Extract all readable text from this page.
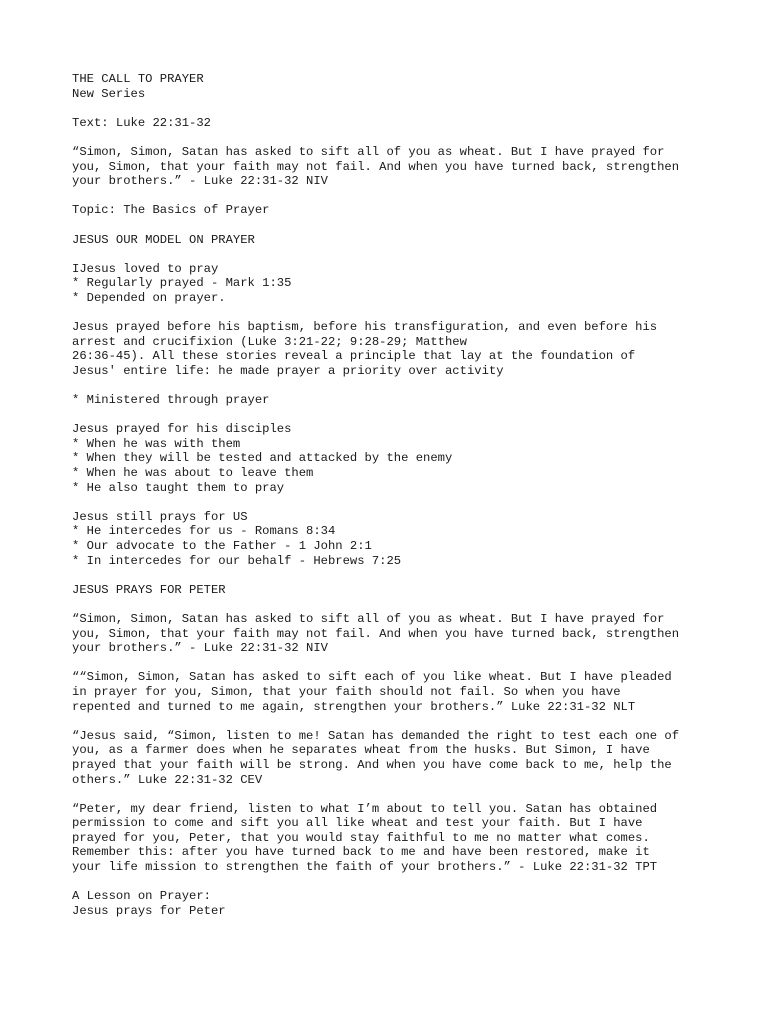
THE CALL TO PRAYER
New Series
Text: Luke 22:31-32
“Simon, Simon, Satan has asked to sift all of you as wheat. But I have prayed for
you, Simon, that your faith may not fail. And when you have turned back, strengthen
your brothers.” - Luke 22:31-32 NIV
Topic: The Basics of Prayer
JESUS OUR MODEL ON PRAYER
IJesus loved to pray
* Regularly prayed - Mark 1:35
* Depended on prayer.
Jesus prayed before his baptism, before his transfiguration, and even before his
arrest and crucifixion (Luke 3:21-22; 9:28-29; Matthew
26:36-45). All these stories reveal a principle that lay at the foundation of
Jesus' entire life: he made prayer a priority over activity
* Ministered through prayer
Jesus prayed for his disciples
* When he was with them
* When they will be tested and attacked by the enemy
* When he was about to leave them
* He also taught them to pray
Jesus still prays for US
* He intercedes for us - Romans 8:34
* Our advocate to the Father - 1 John 2:1
* In intercedes for our behalf - Hebrews 7:25
JESUS PRAYS FOR PETER
“Simon, Simon, Satan has asked to sift all of you as wheat. But I have prayed for
you, Simon, that your faith may not fail. And when you have turned back, strengthen
your brothers.” - Luke 22:31-32 NIV
““Simon, Simon, Satan has asked to sift each of you like wheat. But I have pleaded
in prayer for you, Simon, that your faith should not fail. So when you have
repented and turned to me again, strengthen your brothers.” Luke 22:31-32 NLT
“Jesus said, “Simon, listen to me! Satan has demanded the right to test each one of
you, as a farmer does when he separates wheat from the husks. But Simon, I have
prayed that your faith will be strong. And when you have come back to me, help the
others.” Luke 22:31-32 CEV
“Peter, my dear friend, listen to what I’m about to tell you. Satan has obtained
permission to come and sift you all like wheat and test your faith. But I have
prayed for you, Peter, that you would stay faithful to me no matter what comes.
Remember this: after you have turned back to me and have been restored, make it
your life mission to strengthen the faith of your brothers.” - Luke 22:31-32 TPT
A Lesson on Prayer:
Jesus prays for Peter
